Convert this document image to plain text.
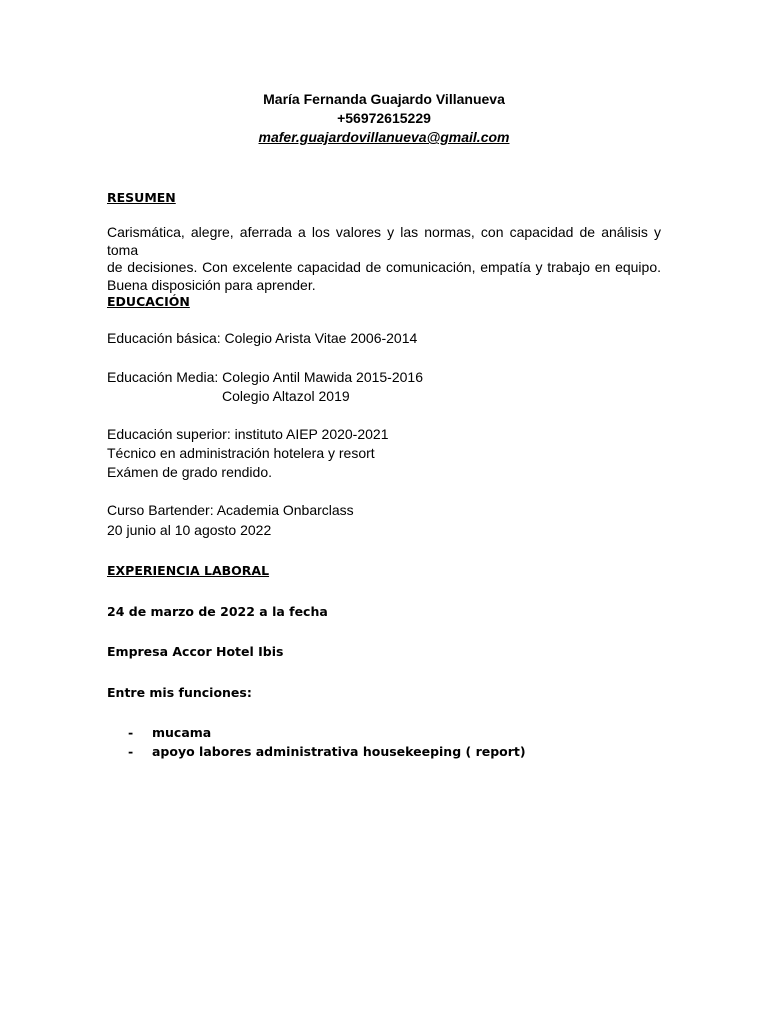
María Fernanda Guajardo Villanueva
+56972615229
mafer.guajardovillanueva@gmail.com
RESUMEN
Carismática, alegre, aferrada a los valores y las normas, con capacidad de análisis y toma
de decisiones. Con excelente capacidad de comunicación, empatía y trabajo en equipo.
Buena disposición para aprender.
EDUCACIÓN
Educación básica: Colegio Arista Vitae 2006-2014
Educación Media: Colegio Antil Mawida 2015-2016
Colegio Altazol 2019
Educación superior: instituto AIEP 2020-2021
Técnico en administración hotelera y resort
Exámen de grado rendido.
Curso Bartender: Academia Onbarclass
20 junio al 10 agosto 2022
EXPERIENCIA LABORAL
24 de marzo de 2022 a la fecha
Empresa Accor Hotel Ibis
Entre mis funciones:
- mucama
- apoyo labores administrativa housekeeping ( report)
